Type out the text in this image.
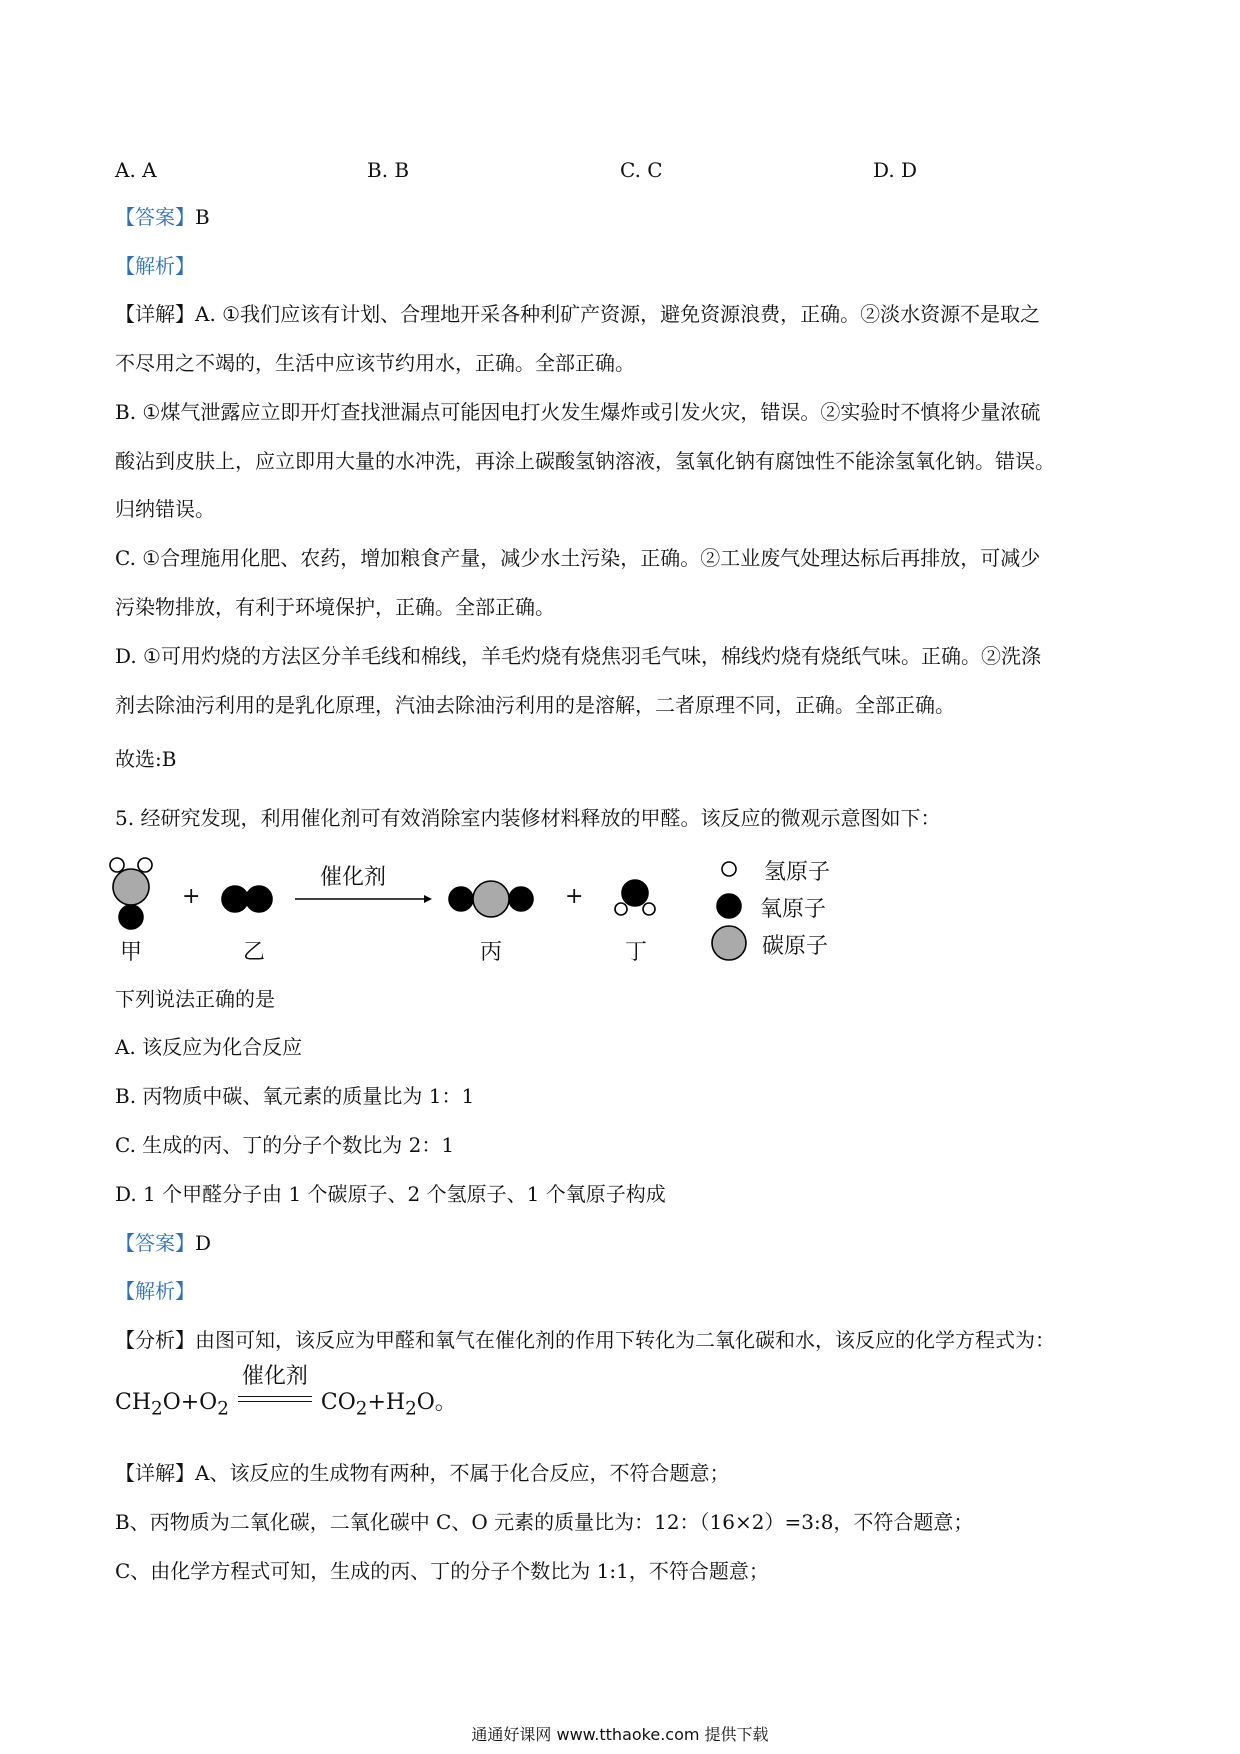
A. A	B. B	C. C	D. D
【答案】B
【解析】
【详解】A. ①我们应该有计划、合理地开采各种利矿产资源，避免资源浪费，正确。②淡水资源不是取之
不尽用之不竭的，生活中应该节约用水，正确。全部正确。
B. ①煤气泄露应立即开灯查找泄漏点可能因电打火发生爆炸或引发火灾，错误。②实验时不慎将少量浓硫
酸沾到皮肤上，应立即用大量的水冲洗，再涂上碳酸氢钠溶液，氢氧化钠有腐蚀性不能涂氢氧化钠。错误。
归纳错误。
C. ①合理施用化肥、农药，增加粮食产量，减少水土污染，正确。②工业废气处理达标后再排放，可减少
污染物排放，有利于环境保护，正确。全部正确。
D. ①可用灼烧的方法区分羊毛线和棉线，羊毛灼烧有烧焦羽毛气味，棉线灼烧有烧纸气味。正确。②洗涤
剂去除油污利用的是乳化原理，汽油去除油污利用的是溶解，二者原理不同，正确。全部正确。
故选:B
5. 经研究发现，利用催化剂可有效消除室内装修材料释放的甲醛。该反应的微观示意图如下：
催化剂
+	+
甲	乙	丙	丁
氢原子
氧原子
碳原子
下列说法正确的是
A. 该反应为化合反应
B. 丙物质中碳、氧元素的质量比为 1：1
C. 生成的丙、丁的分子个数比为 2：1
D. 1 个甲醛分子由 1 个碳原子、2 个氢原子、1 个氧原子构成
【答案】D
【解析】
【分析】由图可知，该反应为甲醛和氧气在催化剂的作用下转化为二氧化碳和水，该反应的化学方程式为：
$CH_2O+O_2$
催化剂
$CO_2+H_2O$。
【详解】A、该反应的生成物有两种，不属于化合反应，不符合题意；
B、丙物质为二氧化碳，二氧化碳中 C、O 元素的质量比为：12：（16×2）=3:8，不符合题意；
C、由化学方程式可知，生成的丙、丁的分子个数比为 1:1，不符合题意；
通通好课网 www.tthaoke.com 提供下载
